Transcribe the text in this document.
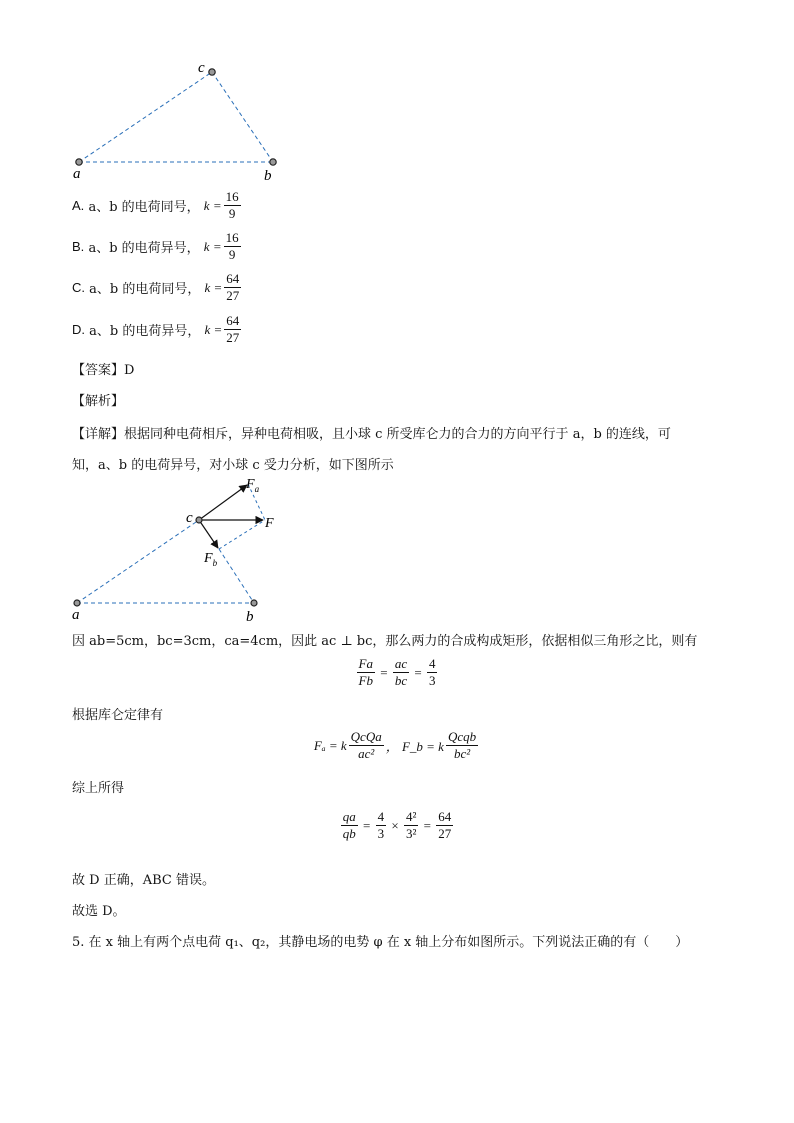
c
a	b
A.
a、b 的电荷同号，
$k = \frac{16}{9}$
B.
a、b 的电荷异号，
$k = \frac{16}{9}$
C.
a、b 的电荷同号，
$k = \frac{64}{27}$
D.
a、b 的电荷异号，
$k = \frac{64}{27}$
【答案】D
【解析】
【详解】根据同种电荷相斥，异种电荷相吸，且小球 c 所受库仑力的合力的方向平行于 a，b 的连线，可
知，a、b 的电荷异号，对小球 c 受力分析，如下图所示
$F_a$
F
$F_b$
c
a	b
因 ab=5cm，bc=3cm，ca=4cm，因此 ac ⊥ bc，那么两力的合成构成矩形，依据相似三角形之比，则有
$\frac{Fa}{Fb} = \frac{ac}{bc} = \frac{4}{3}$
根据库仑定律有
Fₐ = k $\frac{\text{QcQa}}{\text{ac²}}$ ， F_b = k $\frac{\text{Qcqb}}{\text{bc²}}$
综上所得
$\frac{qa}{qb} = \frac{4}{3} \times \frac{\text{4²}}{\text{3²}} = \frac{64}{27}$
故 D 正确，ABC 错误。
故选 D。
5. 在 x 轴上有两个点电荷 q₁、q₂，其静电场的电势 φ 在 x 轴上分布如图所示。下列说法正确的有（　　）
